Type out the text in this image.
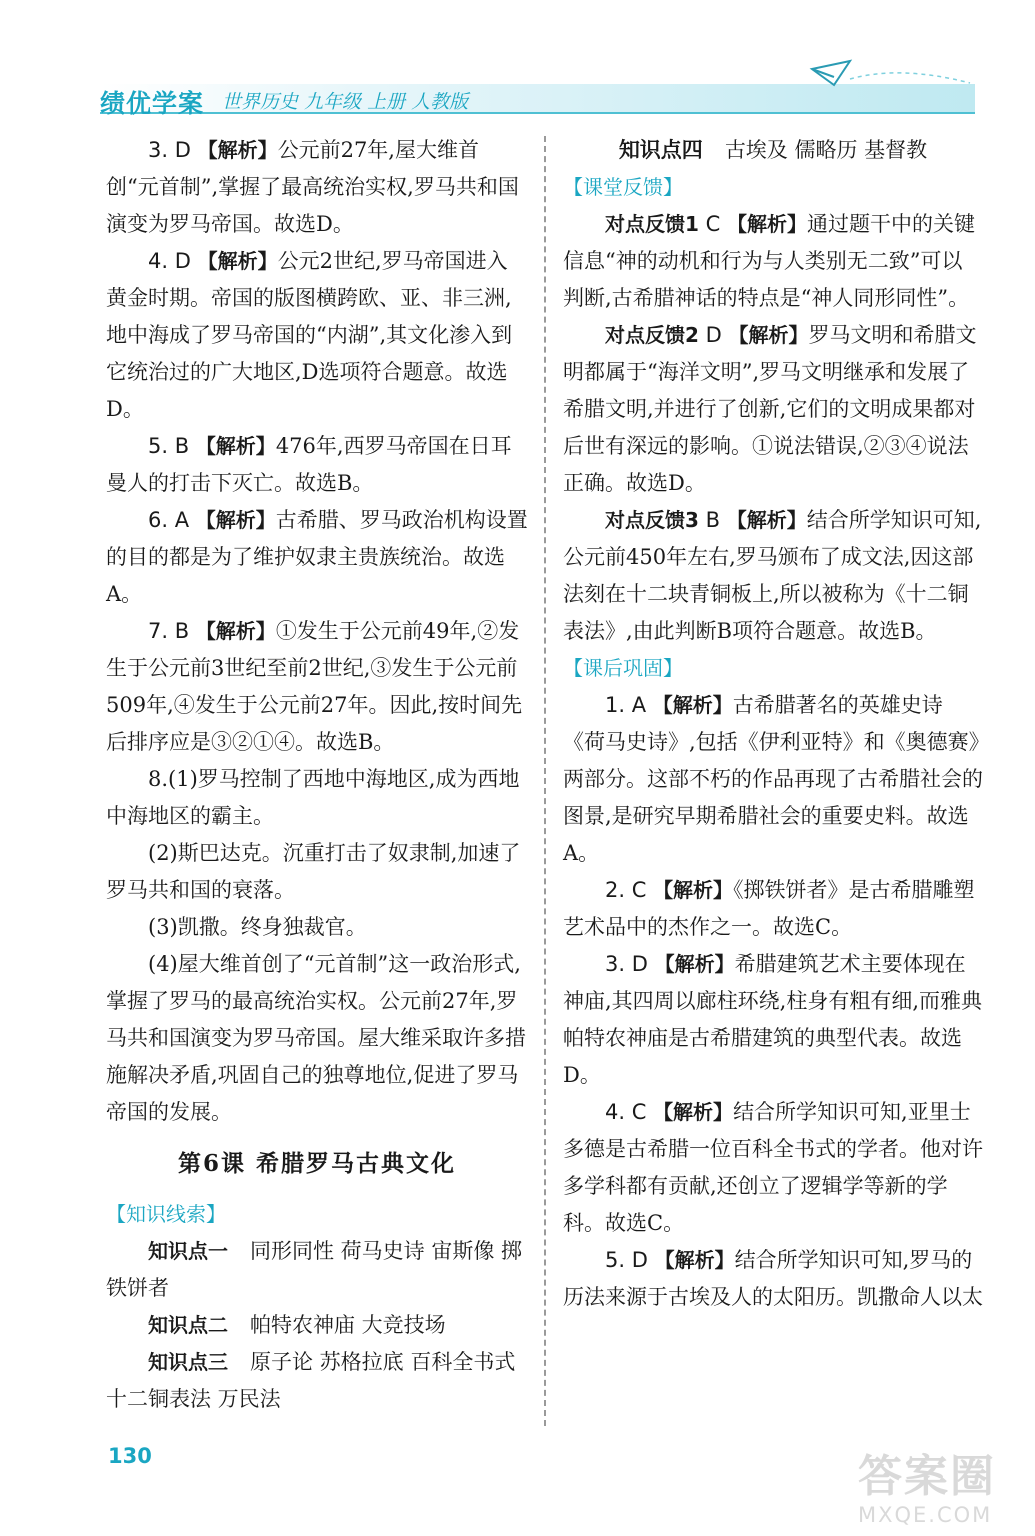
绩优学案 世界历史 九年级 上册 人教版

3. D 【解析】公元前27年,屋大维首创“元首制”,掌握了最高统治实权,罗马共和国演变为罗马帝国。故选D。

4. D 【解析】公元2世纪,罗马帝国进入黄金时期。帝国的版图横跨欧、亚、非三洲,地中海成了罗马帝国的“内湖”,其文化渗入到它统治过的广大地区,D选项符合题意。故选D。

5. B 【解析】476年,西罗马帝国在日耳曼人的打击下灭亡。故选B。

6. A 【解析】古希腊、罗马政治机构设置的目的都是为了维护奴隶主贵族统治。故选A。

7. B 【解析】①发生于公元前49年,②发生于公元前3世纪至前2世纪,③发生于公元前509年,④发生于公元前27年。因此,按时间先后排序应是③②①④。故选B。

8.(1)罗马控制了西地中海地区,成为西地中海地区的霸主。

(2)斯巴达克。沉重打击了奴隶制,加速了罗马共和国的衰落。

(3)凯撒。终身独裁官。

(4)屋大维首创了“元首制”这一政治形式,掌握了罗马的最高统治实权。公元前27年,罗马共和国演变为罗马帝国。屋大维采取许多措施解决矛盾,巩固自己的独尊地位,促进了罗马帝国的发展。

第6课 希腊罗马古典文化

【知识线索】

知识点一 同形同性 荷马史诗 宙斯像 掷铁饼者

知识点二 帕特农神庙 大竞技场

知识点三 原子论 苏格拉底 百科全书式 十二铜表法 万民法

知识点四 古埃及 儒略历 基督教

【课堂反馈】

对点反馈1 C 【解析】通过题干中的关键信息“神的动机和行为与人类别无二致”可以判断,古希腊神话的特点是“神人同形同性”。

对点反馈2 D 【解析】罗马文明和希腊文明都属于“海洋文明”,罗马文明继承和发展了希腊文明,并进行了创新,它们的文明成果都对后世有深远的影响。①说法错误,②③④说法正确。故选D。

对点反馈3 B 【解析】结合所学知识可知,公元前450年左右,罗马颁布了成文法,因这部法刻在十二块青铜板上,所以被称为《十二铜表法》,由此判断B项符合题意。故选B。

【课后巩固】

1. A 【解析】古希腊著名的英雄史诗《荷马史诗》,包括《伊利亚特》和《奥德赛》两部分。这部不朽的作品再现了古希腊社会的图景,是研究早期希腊社会的重要史料。故选A。

2. C 【解析】《掷铁饼者》是古希腊雕塑艺术品中的杰作之一。故选C。

3. D 【解析】希腊建筑艺术主要体现在神庙,其四周以廊柱环绕,柱身有粗有细,而雅典帕特农神庙是古希腊建筑的典型代表。故选D。

4. C 【解析】结合所学知识可知,亚里士多德是古希腊一位百科全书式的学者。他对许多学科都有贡献,还创立了逻辑学等新的学科。故选C。

5. D 【解析】结合所学知识可知,罗马的历法来源于古埃及人的太阳历。凯撒命人以太

130	答案圈
MXQE.COM
